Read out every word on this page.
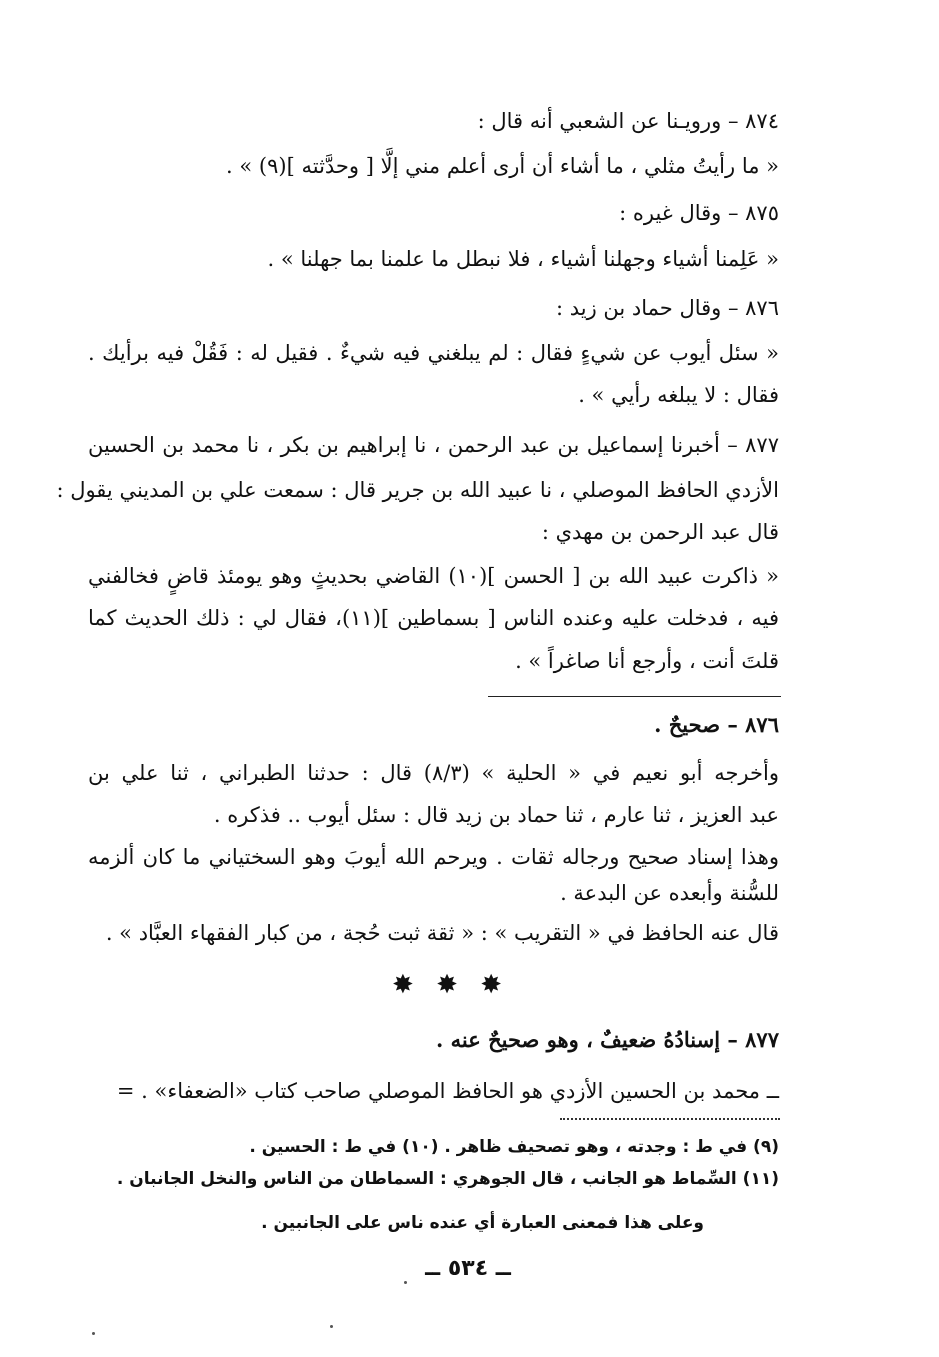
٨٧٤ – ورويـنا عن الشعبي أنه قال :
« ما رأيتُ مثلي ، ما أشاء أن أرى أعلم مني إلَّا [ وحدَّثته ](٩) » .
٨٧٥ – وقال غيره :
« عَلِمنا أشياء وجهلنا أشياء ، فلا نبطل ما علمنا بما جهلنا » .
٨٧٦ – وقال حماد بن زيد :
« سئل أيوب عن شيءٍ فقال : لم يبلغني فيه شيءٌ . فقيل له : فَقُلْ فيه برأيك .
فقال : لا يبلغه رأيي » .
٨٧٧ – أخبرنا إسماعيل بن عبد الرحمن ، نا إبراهيم بن بكر ، نا محمد بن الحسين
الأزدي الحافظ الموصلي ، نا عبيد الله بن جرير قال : سمعت علي بن المديني يقول :
قال عبد الرحمن بن مهدي :
« ذاكرت عبيد الله بن [ الحسن ](١٠) القاضي بحديثٍ وهو يومئذ قاضٍ فخالفني
فيه ، فدخلت عليه وعنده الناس [ بسماطين ](١١)، فقال لي : ذلك الحديث كما
قلتَ أنت ، وأرجع أنا صاغراً » .
٨٧٦ – صحيحٌ .
وأخرجه أبو نعيم في « الحلية » (٨/٣) قال : حدثنا الطبراني ، ثنا علي بن
عبد العزيز ، ثنا عارم ، ثنا حماد بن زيد قال : سئل أيوب .. فذكره .
وهذا إسناد صحيح ورجاله ثقات . ويرحم الله أيوبَ وهو السختياني ما كان ألزمه
للسُّنة وأبعده عن البدعة .
قال عنه الحافظ في « التقريب » : « ثقة ثبت حُجة ، من كبار الفقهاء العبَّاد » .
✸ ✸ ✸
٨٧٧ – إسنادُهُ ضعيفٌ ، وهو صحيحٌ عنه .
ــ محمد بن الحسين الأزدي هو الحافظ الموصلي صاحب كتاب «الضعفاء» . =
(٩) في ط : وجدته ، وهو تصحيف ظاهر . (١٠) في ط : الحسين .
(١١) السِّماط هو الجانب ، قال الجوهري : السماطان من الناس والنخل الجانبان .
وعلى هذا فمعنى العبارة أي عنده ناس على الجانبين .
ــ ٥٣٤ ــ
